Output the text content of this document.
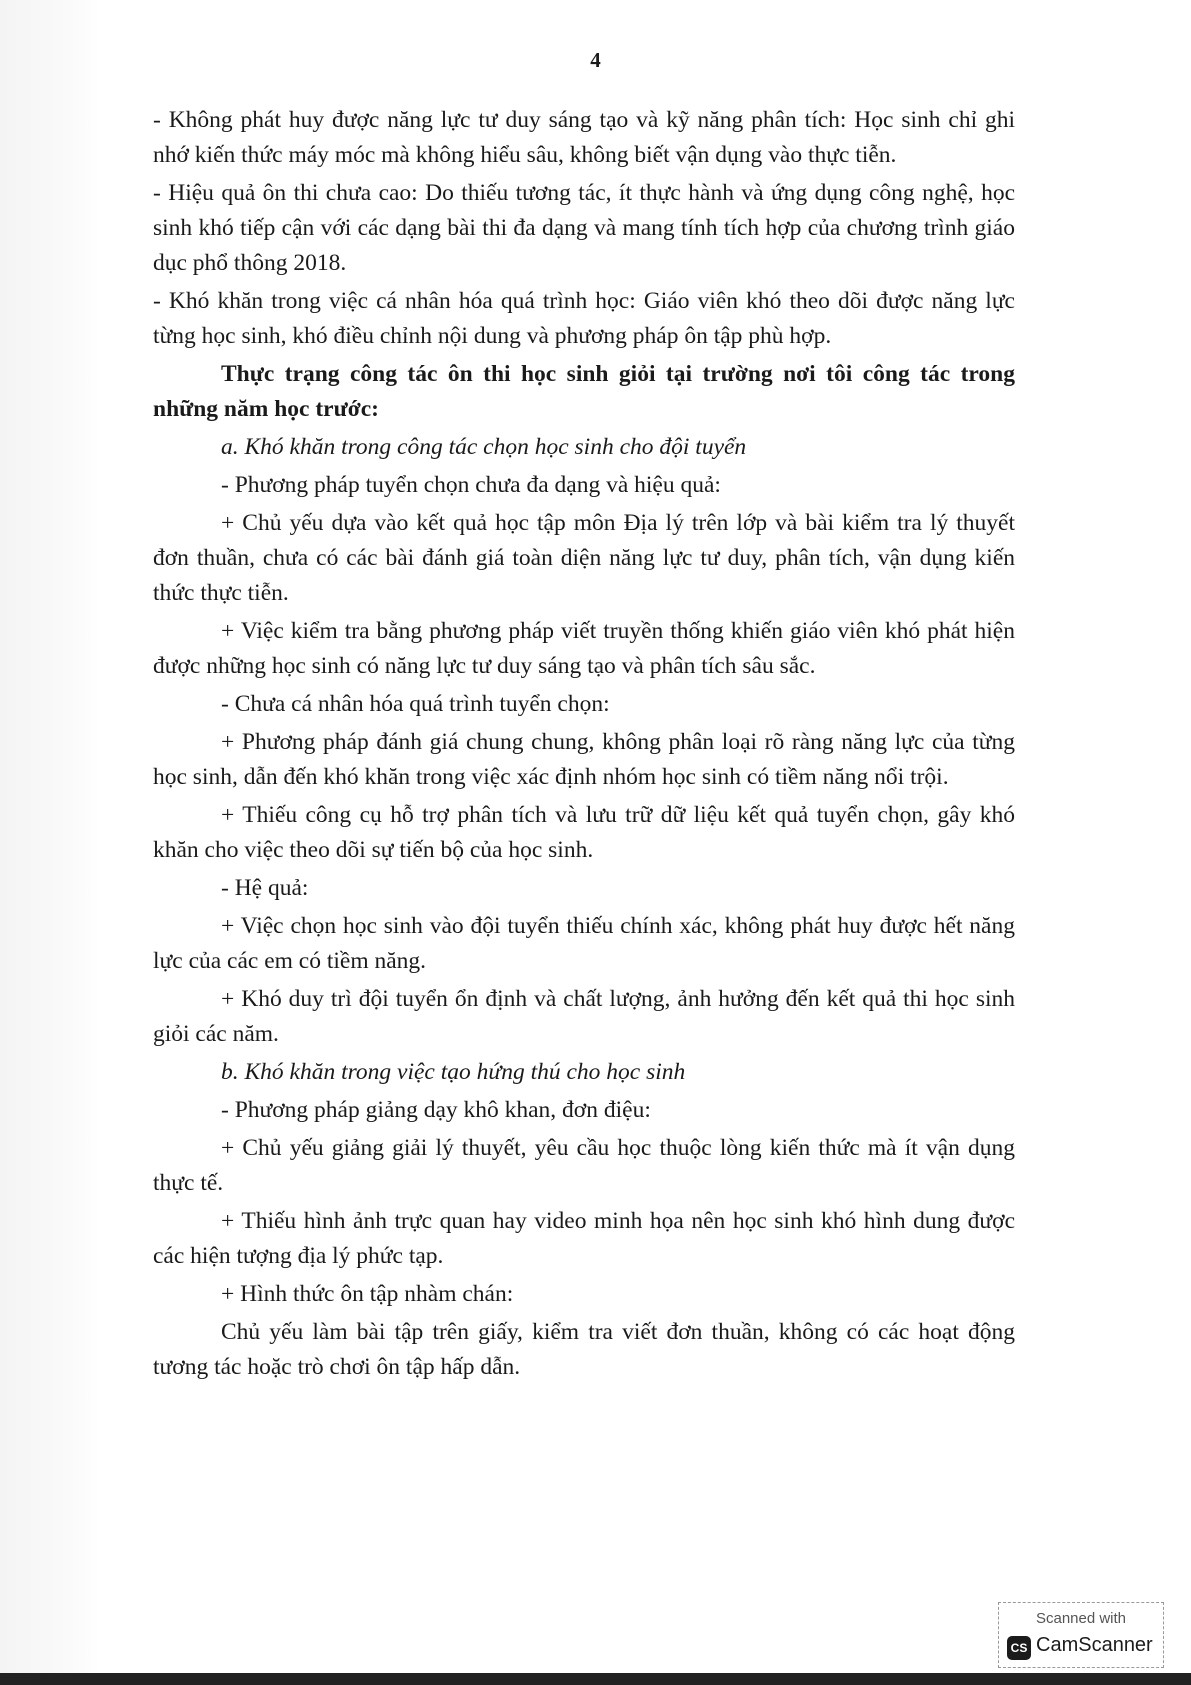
4

- Không phát huy được năng lực tư duy sáng tạo và kỹ năng phân tích: Học sinh chỉ ghi nhớ kiến thức máy móc mà không hiểu sâu, không biết vận dụng vào thực tiễn.

- Hiệu quả ôn thi chưa cao: Do thiếu tương tác, ít thực hành và ứng dụng công nghệ, học sinh khó tiếp cận với các dạng bài thi đa dạng và mang tính tích hợp của chương trình giáo dục phổ thông 2018.

- Khó khăn trong việc cá nhân hóa quá trình học: Giáo viên khó theo dõi được năng lực từng học sinh, khó điều chỉnh nội dung và phương pháp ôn tập phù hợp.

Thực trạng công tác ôn thi học sinh giỏi tại trường nơi tôi công tác trong những năm học trước:

a. Khó khăn trong công tác chọn học sinh cho đội tuyển

- Phương pháp tuyển chọn chưa đa dạng và hiệu quả:

+ Chủ yếu dựa vào kết quả học tập môn Địa lý trên lớp và bài kiểm tra lý thuyết đơn thuần, chưa có các bài đánh giá toàn diện năng lực tư duy, phân tích, vận dụng kiến thức thực tiễn.

+ Việc kiểm tra bằng phương pháp viết truyền thống khiến giáo viên khó phát hiện được những học sinh có năng lực tư duy sáng tạo và phân tích sâu sắc.

- Chưa cá nhân hóa quá trình tuyển chọn:

+ Phương pháp đánh giá chung chung, không phân loại rõ ràng năng lực của từng học sinh, dẫn đến khó khăn trong việc xác định nhóm học sinh có tiềm năng nổi trội.

+ Thiếu công cụ hỗ trợ phân tích và lưu trữ dữ liệu kết quả tuyển chọn, gây khó khăn cho việc theo dõi sự tiến bộ của học sinh.

- Hệ quả:

+ Việc chọn học sinh vào đội tuyển thiếu chính xác, không phát huy được hết năng lực của các em có tiềm năng.

+ Khó duy trì đội tuyển ổn định và chất lượng, ảnh hưởng đến kết quả thi học sinh giỏi các năm.

b. Khó khăn trong việc tạo hứng thú cho học sinh

- Phương pháp giảng dạy khô khan, đơn điệu:

+ Chủ yếu giảng giải lý thuyết, yêu cầu học thuộc lòng kiến thức mà ít vận dụng thực tế.

+ Thiếu hình ảnh trực quan hay video minh họa nên học sinh khó hình dung được các hiện tượng địa lý phức tạp.

+ Hình thức ôn tập nhàm chán:

Chủ yếu làm bài tập trên giấy, kiểm tra viết đơn thuần, không có các hoạt động tương tác hoặc trò chơi ôn tập hấp dẫn.

Scanned with
CS CamScanner
